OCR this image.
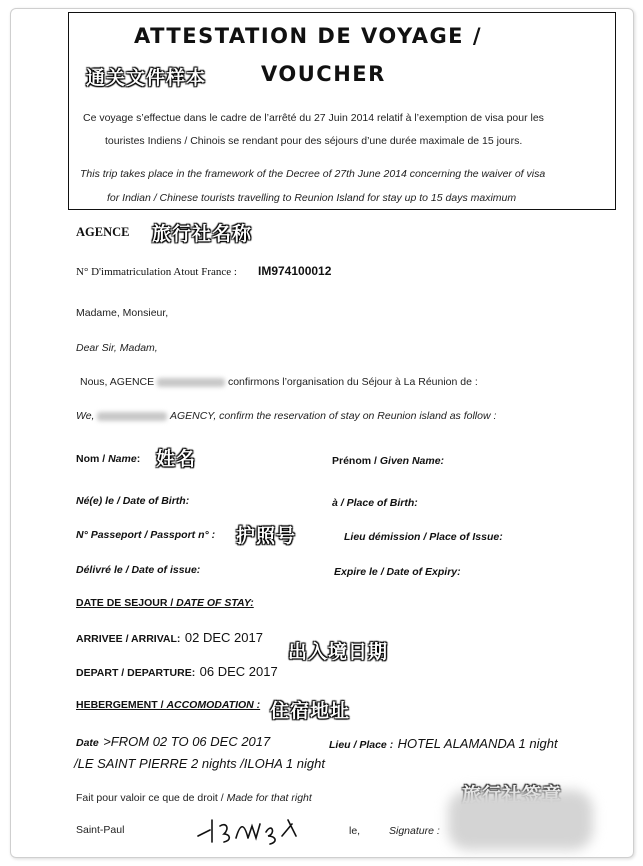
ATTESTATION DE VOYAGE /
VOUCHER
通关文件样本
Ce voyage s’effectue dans le cadre de l’arrêté du 27 Juin 2014 relatif à l’exemption de visa pour les
touristes Indiens / Chinois se rendant pour des séjours d’une durée maximale de 15 jours.
This trip takes place in the framework of the Decree of 27th June 2014 concerning the waiver of visa
for Indian / Chinese tourists travelling to Reunion Island for stay up to 15 days maximum
AGENCE 旅行社名称
N° D'immatriculation Atout France : IM974100012
Madame, Monsieur,
Dear Sir, Madam,
Nous, AGENCE	confirmons l’organisation du Séjour à La Réunion de :
We,	AGENCY, confirm the reservation of stay on Reunion island as follow :
Nom / Name: 姓名	Prénom / Given Name:
Né(e) le / Date of Birth:	à / Place of Birth:
N° Passeport / Passport n° : 护照号	Lieu démission / Place of Issue:
Délivré le / Date of issue:	Expire le / Date of Expiry:
DATE DE SEJOUR / DATE OF STAY:
ARRIVEE / ARRIVAL: 02 DEC 2017
出入境日期
DEPART / DEPARTURE: 06 DEC 2017
HEBERGEMENT / ACCOMODATION : 住宿地址
Date >FROM 02 TO 06 DEC 2017	Lieu / Place : HOTEL ALAMANDA 1 night
/LE SAINT PIERRE 2 nights /ILOHA 1 night
Fait pour valoir ce que de droit / Made for that right
Saint-Paul	le,	Signature :
